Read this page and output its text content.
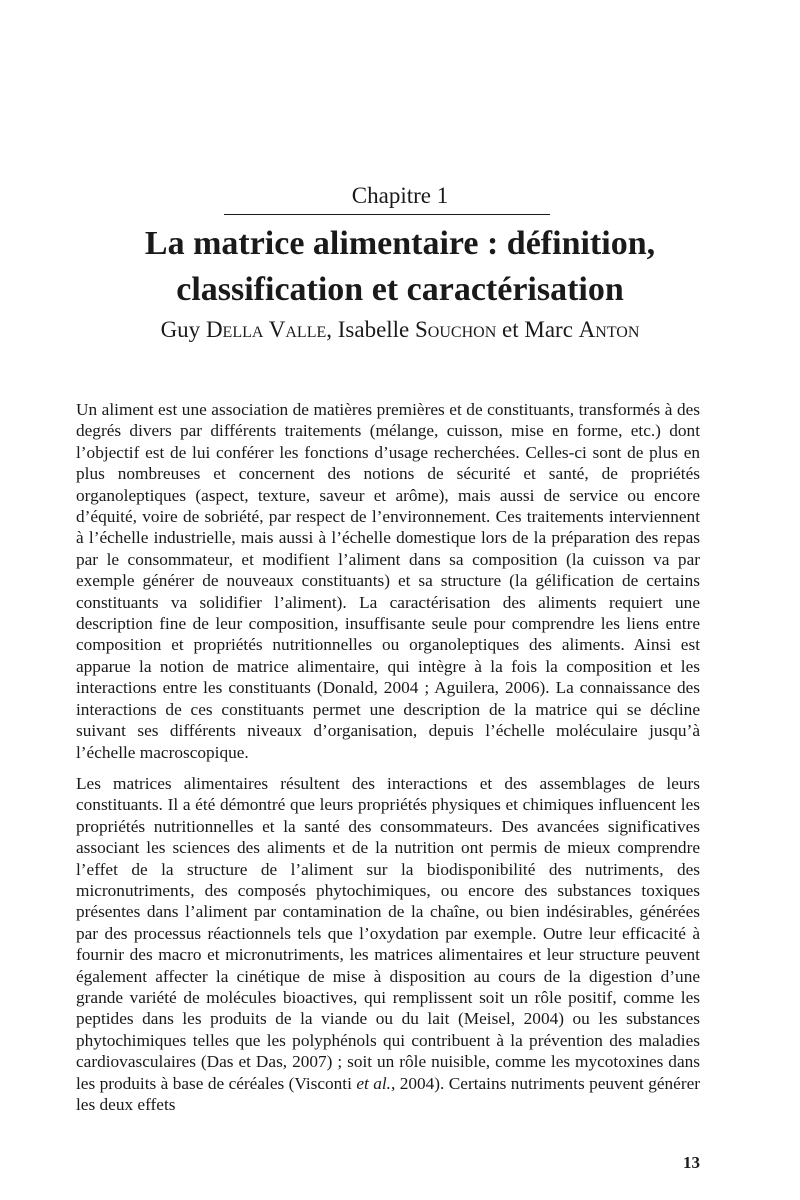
Chapitre 1
La matrice alimentaire : définition,
classification et caractérisation
Guy Della Valle, Isabelle Souchon et Marc Anton

Un aliment est une association de matières premières et de constituants, transformés à des degrés divers par différents traitements (mélange, cuisson, mise en forme, etc.) dont l’objectif est de lui conférer les fonctions d’usage recherchées. Celles-ci sont de plus en plus nombreuses et concernent des notions de sécurité et santé, de propriétés organoleptiques (aspect, texture, saveur et arôme), mais aussi de service ou encore d’équité, voire de sobriété, par respect de l’environnement. Ces traitements interviennent à l’échelle industrielle, mais aussi à l’échelle domestique lors de la préparation des repas par le consommateur, et modifient l’aliment dans sa composition (la cuisson va par exemple générer de nouveaux constituants) et sa structure (la gélification de certains constituants va solidifier l’aliment). La caractérisation des aliments requiert une description fine de leur composition, insuffisante seule pour comprendre les liens entre composition et propriétés nutritionnelles ou organoleptiques des aliments. Ainsi est apparue la notion de matrice alimentaire, qui intègre à la fois la composition et les interactions entre les constituants (Donald, 2004 ; Aguilera, 2006). La connaissance des interactions de ces constituants permet une description de la matrice qui se décline suivant ses différents niveaux d’organisation, depuis l’échelle moléculaire jusqu’à l’échelle macroscopique.

Les matrices alimentaires résultent des interactions et des assemblages de leurs constituants. Il a été démontré que leurs propriétés physiques et chimiques influencent les propriétés nutritionnelles et la santé des consommateurs. Des avancées significatives associant les sciences des aliments et de la nutrition ont permis de mieux comprendre l’effet de la structure de l’aliment sur la biodisponibilité des nutriments, des micronutriments, des composés phytochimiques, ou encore des substances toxiques présentes dans l’aliment par contamination de la chaîne, ou bien indésirables, générées par des processus réactionnels tels que l’oxydation par exemple. Outre leur efficacité à fournir des macro et micronutriments, les matrices alimentaires et leur structure peuvent également affecter la cinétique de mise à disposition au cours de la digestion d’une grande variété de molécules bioactives, qui remplissent soit un rôle positif, comme les peptides dans les produits de la viande ou du lait (Meisel, 2004) ou les substances phytochimiques telles que les polyphénols qui contribuent à la prévention des maladies cardiovasculaires (Das et Das, 2007) ; soit un rôle nuisible, comme les mycotoxines dans les produits à base de céréales (Visconti et al., 2004). Certains nutriments peuvent générer les deux effets

13
